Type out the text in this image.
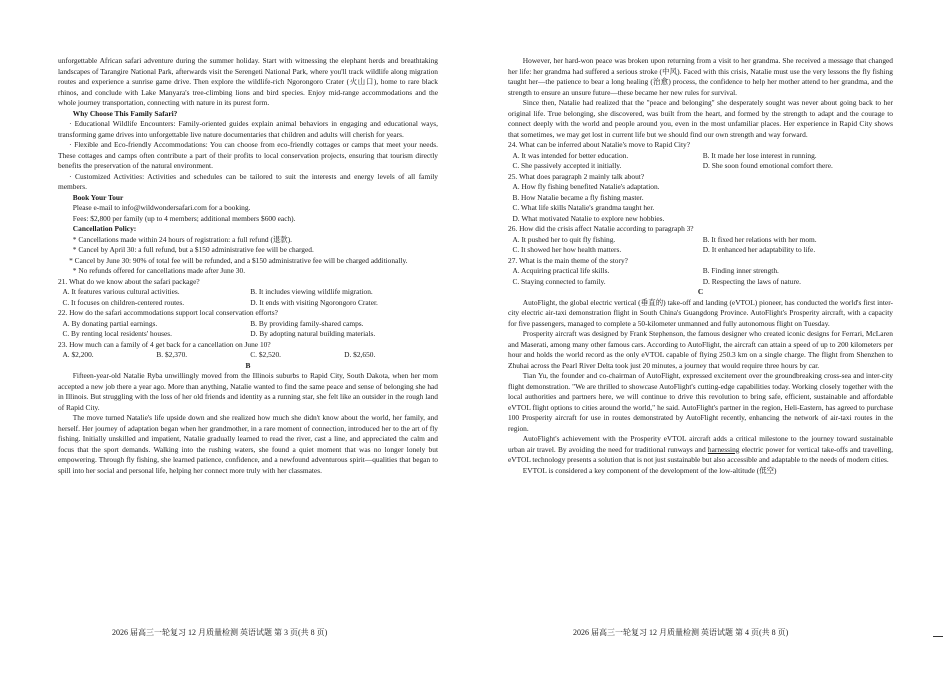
unforgettable African safari adventure during the summer holiday. Start with witnessing the elephant herds and breathtaking landscapes of Tarangire National Park, afterwards visit the Serengeti National Park, where you'll track wildlife along migration routes and experience a sunrise game drive. Then explore the wildlife-rich Ngorongoro Crater (火山口), home to rare black rhinos, and conclude with Lake Manyara's tree-climbing lions and bird species. Enjoy mid-range accommodations and the whole journey transportation, connecting with nature in its purest form.

Why Choose This Family Safari?

· Educational Wildlife Encounters: Family-oriented guides explain animal behaviors in engaging and educational ways, transforming game drives into unforgettable live nature documentaries that children and adults will cherish for years.

· Flexible and Eco-friendly Accommodations: You can choose from eco-friendly cottages or camps that meet your needs. These cottages and camps often contribute a part of their profits to local conservation projects, ensuring that tourism directly benefits the preservation of the natural environment.

· Customized Activities: Activities and schedules can be tailored to suit the interests and energy levels of all family members.

Book Your Tour

Please e-mail to info@wildwondersafari.com for a booking.

Fees: $2,800 per family (up to 4 members; additional members $600 each).

Cancellation Policy:

* Cancellations made within 24 hours of registration: a full refund (退款).

* Cancel by April 30: a full refund, but a $150 administrative fee will be charged.

* Cancel by June 30: 90% of total fee will be refunded, and a $150 administrative fee will be charged additionally.

* No refunds offered for cancellations made after June 30.

21. What do we know about the safari package?

A. It features various cultural activities.	B. It includes viewing wildlife migration.
C. It focuses on children-centered routes.	D. It ends with visiting Ngorongoro Crater.

22. How do the safari accommodations support local conservation efforts?

A. By donating partial earnings.	B. By providing family-shared camps.
C. By renting local residents' houses.	D. By adopting natural building materials.

23. How much can a family of 4 get back for a cancellation on June 10?

A. $2,200.	B. $2,370.	C. $2,520.	D. $2,650.

B

Fifteen-year-old Natalie Ryba unwillingly moved from the Illinois suburbs to Rapid City, South Dakota, when her mom accepted a new job there a year ago. More than anything, Natalie wanted to find the same peace and sense of belonging she had in Illinois. But struggling with the loss of her old friends and identity as a running star, she felt like an outsider in the rough land of Rapid City.

The move turned Natalie's life upside down and she realized how much she didn't know about the world, her family, and herself. Her journey of adaptation began when her grandmother, in a rare moment of connection, introduced her to the art of fly fishing. Initially unskilled and impatient, Natalie gradually learned to read the river, cast a line, and appreciated the calm and focus that the sport demands. Walking into the rushing waters, she found a quiet moment that was no longer lonely but empowering. Through fly fishing, she learned patience, confidence, and a newfound adventurous spirit—qualities that began to spill into her social and personal life, helping her connect more truly with her classmates.

2026 届高三一轮复习 12 月质量检测 英语试题 第 3 页(共 8 页)

However, her hard-won peace was broken upon returning from a visit to her grandma. She received a message that changed her life: her grandma had suffered a serious stroke (中风). Faced with this crisis, Natalie must use the very lessons the fly fishing taught her—the patience to bear a long healing (治愈) process, the confidence to help her mother attend to her grandma, and the strength to ensure an unsure future—these became her new rules for survival.

Since then, Natalie had realized that the "peace and belonging" she desperately sought was never about going back to her original life. True belonging, she discovered, was built from the heart, and formed by the strength to adapt and the courage to connect deeply with the world and people around you, even in the most unfamiliar places. Her experience in Rapid City shows that sometimes, we may get lost in current life but we should find our own strength and way forward.

24. What can be inferred about Natalie's move to Rapid City?

A. It was intended for better education.	B. It made her lose interest in running.
C. She passively accepted it initially.	D. She soon found emotional comfort there.

25. What does paragraph 2 mainly talk about?

A. How fly fishing benefited Natalie's adaptation.
B. How Natalie became a fly fishing master.
C. What life skills Natalie's grandma taught her.
D. What motivated Natalie to explore new hobbies.

26. How did the crisis affect Natalie according to paragraph 3?

A. It pushed her to quit fly fishing.	B. It fixed her relations with her mom.
C. It showed her how health matters.	D. It enhanced her adaptability to life.

27. What is the main theme of the story?

A. Acquiring practical life skills.	B. Finding inner strength.
C. Staying connected to family.	D. Respecting the laws of nature.

C

AutoFlight, the global electric vertical (垂直的) take-off and landing (eVTOL) pioneer, has conducted the world's first inter-city electric air-taxi demonstration flight in South China's Guangdong Province. AutoFlight's Prosperity aircraft, with a capacity for five passengers, managed to complete a 50-kilometer unmanned and fully autonomous flight on Tuesday.

Prosperity aircraft was designed by Frank Stephenson, the famous designer who created iconic designs for Ferrari, McLaren and Maserati, among many other famous cars. According to AutoFlight, the aircraft can attain a speed of up to 200 kilometers per hour and holds the world record as the only eVTOL capable of flying 250.3 km on a single charge. The flight from Shenzhen to Zhuhai across the Pearl River Delta took just 20 minutes, a journey that would require three hours by car.

Tian Yu, the founder and co-chairman of AutoFlight, expressed excitement over the groundbreaking cross-sea and inter-city flight demonstration. "We are thrilled to showcase AutoFlight's cutting-edge capabilities today. Working closely together with the local authorities and partners here, we will continue to drive this revolution to bring safe, efficient, sustainable and affordable eVTOL flight options to cities around the world," he said. AutoFlight's partner in the region, Heli-Eastern, has agreed to purchase 100 Prosperity aircraft for use in routes demonstrated by AutoFlight recently, enhancing the network of air-taxi routes in the region.

AutoFlight's achievement with the Prosperity eVTOL aircraft adds a critical milestone to the journey toward sustainable urban air travel. By avoiding the need for traditional runways and harnessing electric power for vertical take-offs and travelling, eVTOL technology presents a solution that is not just sustainable but also accessible and adaptable to the needs of modern cities.

EVTOL is considered a key component of the development of the low-altitude (低空)

2026 届高三一轮复习 12 月质量检测 英语试题 第 4 页(共 8 页)
